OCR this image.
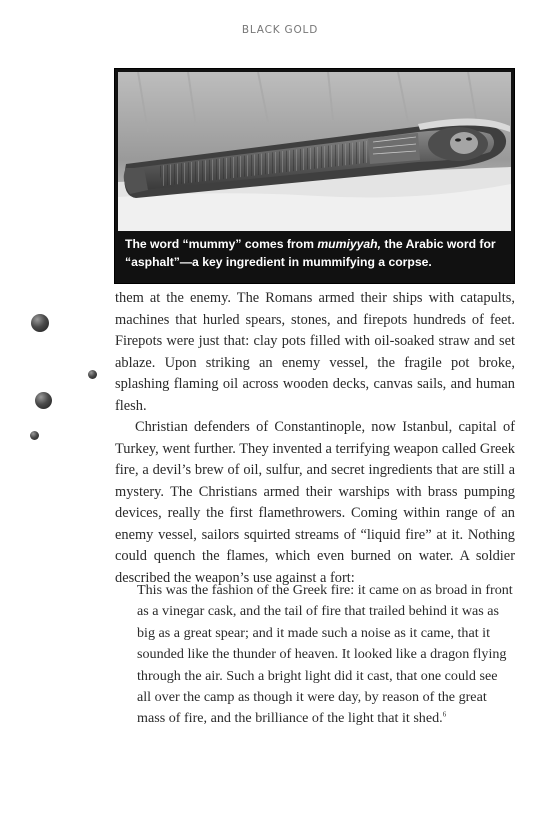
BLACK GOLD
The word “mummy” comes from mumiyyah, the Arabic word for “asphalt”—a key ingredient in mummifying a corpse.

them at the enemy. The Romans armed their ships with catapults, machines that hurled spears, stones, and firepots hundreds of feet. Firepots were just that: clay pots filled with oil-soaked straw and set ablaze. Upon striking an enemy vessel, the fragile pot broke, splashing flaming oil across wooden decks, canvas sails, and human flesh.

Christian defenders of Constantinople, now Istanbul, capital of Turkey, went further. They invented a terrifying weapon called Greek fire, a devil’s brew of oil, sulfur, and secret ingredients that are still a mystery. The Christians armed their warships with brass pumping devices, really the first flamethrowers. Coming within range of an enemy vessel, sailors squirted streams of “liquid fire” at it. Nothing could quench the flames, which even burned on water. A soldier described the weapon’s use against a fort:

This was the fashion of the Greek fire: it came on as broad in front as a vinegar cask, and the tail of fire that trailed behind it was as big as a great spear; and it made such a noise as it came, that it sounded like the thunder of heaven. It looked like a dragon flying through the air. Such a bright light did it cast, that one could see all over the camp as though it were day, by reason of the great mass of fire, and the brilliance of the light that it shed.$^6$
